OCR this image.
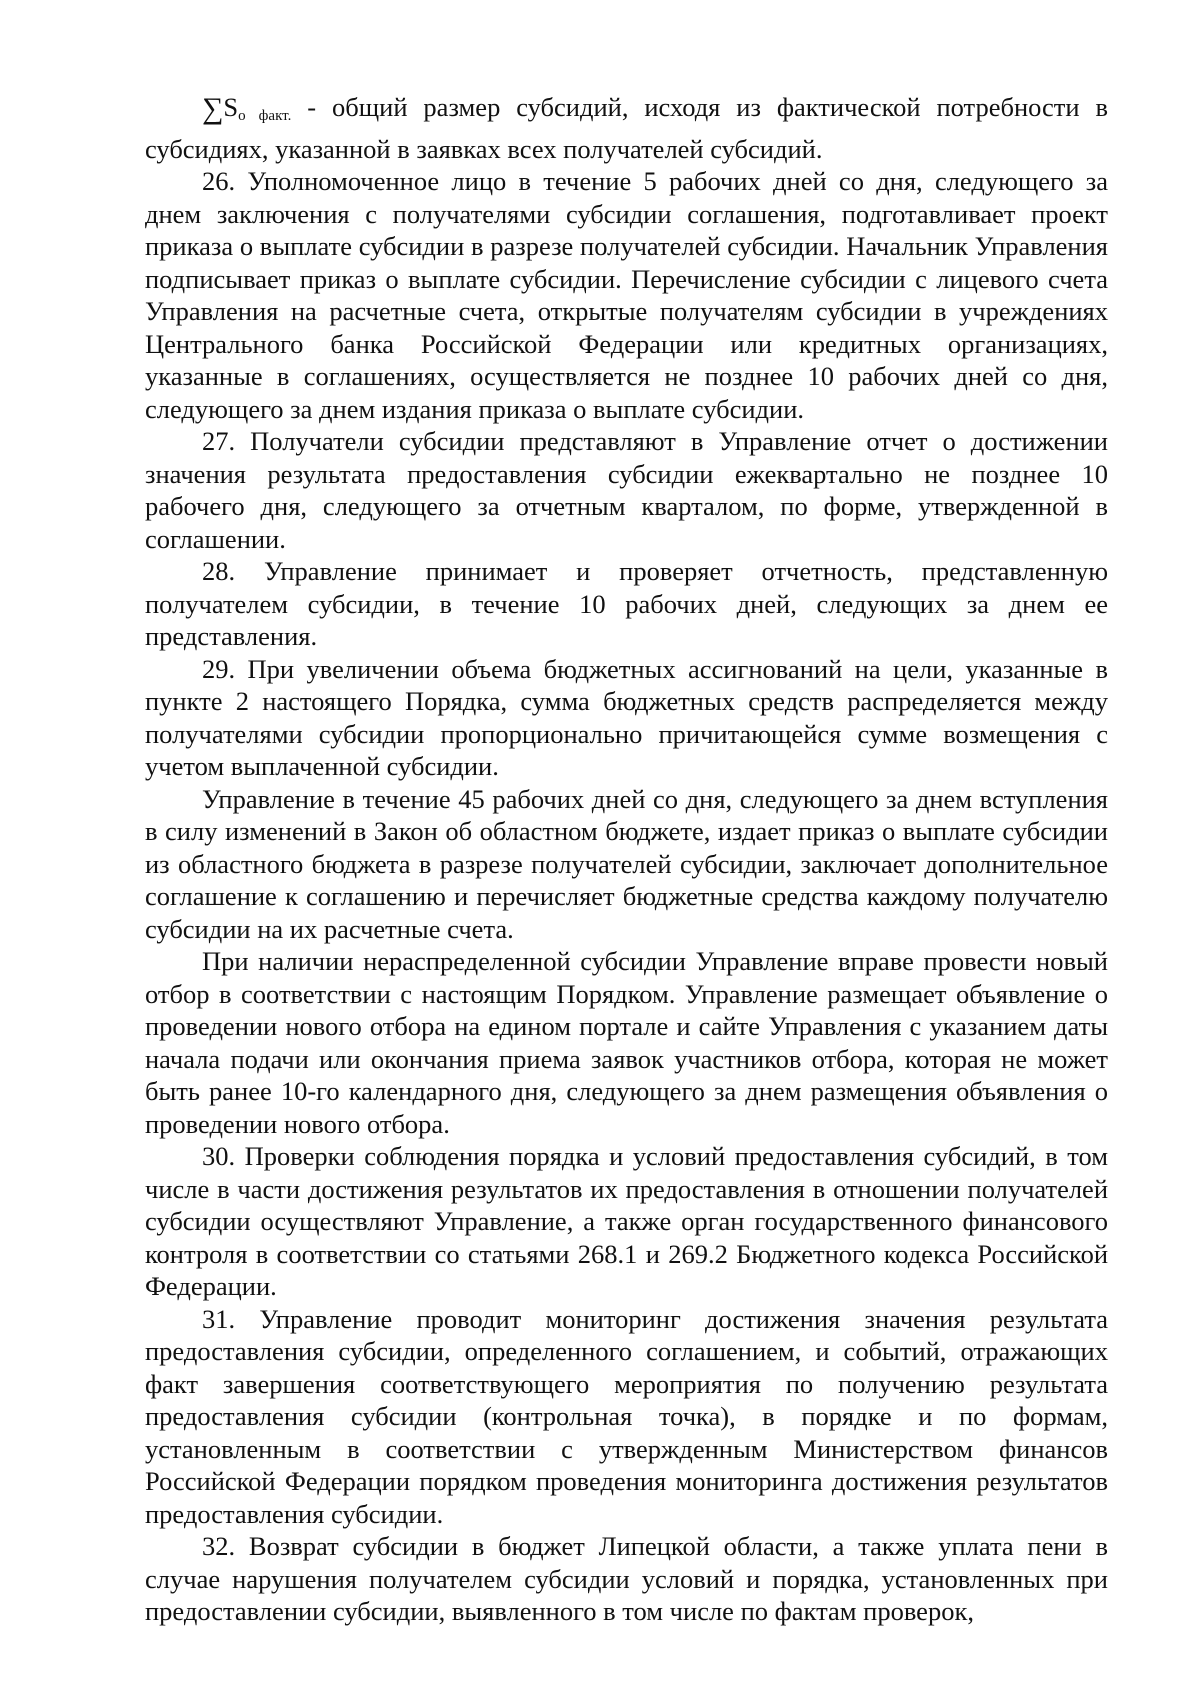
∑Sо факт. - общий размер субсидий, исходя из фактической потребности в субсидиях, указанной в заявках всех получателей субсидий.

26. Уполномоченное лицо в течение 5 рабочих дней со дня, следующего за днем заключения с получателями субсидии соглашения, подготавливает проект приказа о выплате субсидии в разрезе получателей субсидии. Начальник Управления подписывает приказ о выплате субсидии. Перечисление субсидии с лицевого счета Управления на расчетные счета, открытые получателям субсидии в учреждениях Центрального банка Российской Федерации или кредитных организациях, указанные в соглашениях, осуществляется не позднее 10 рабочих дней со дня, следующего за днем издания приказа о выплате субсидии.

27. Получатели субсидии представляют в Управление отчет о достижении значения результата предоставления субсидии ежеквартально не позднее 10 рабочего дня, следующего за отчетным кварталом, по форме, утвержденной в соглашении.

28. Управление принимает и проверяет отчетность, представленную получателем субсидии, в течение 10 рабочих дней, следующих за днем ее представления.

29. При увеличении объема бюджетных ассигнований на цели, указанные в пункте 2 настоящего Порядка, сумма бюджетных средств распределяется между получателями субсидии пропорционально причитающейся сумме возмещения с учетом выплаченной субсидии.

Управление в течение 45 рабочих дней со дня, следующего за днем вступления в силу изменений в Закон об областном бюджете, издает приказ о выплате субсидии из областного бюджета в разрезе получателей субсидии, заключает дополнительное соглашение к соглашению и перечисляет бюджетные средства каждому получателю субсидии на их расчетные счета.

При наличии нераспределенной субсидии Управление вправе провести новый отбор в соответствии с настоящим Порядком. Управление размещает объявление о проведении нового отбора на едином портале и сайте Управления с указанием даты начала подачи или окончания приема заявок участников отбора, которая не может быть ранее 10-го календарного дня, следующего за днем размещения объявления о проведении нового отбора.

30. Проверки соблюдения порядка и условий предоставления субсидий, в том числе в части достижения результатов их предоставления в отношении получателей субсидии осуществляют Управление, а также орган государственного финансового контроля в соответствии со статьями 268.1 и 269.2 Бюджетного кодекса Российской Федерации.

31. Управление проводит мониторинг достижения значения результата предоставления субсидии, определенного соглашением, и событий, отражающих факт завершения соответствующего мероприятия по получению результата предоставления субсидии (контрольная точка), в порядке и по формам, установленным в соответствии с утвержденным Министерством финансов Российской Федерации порядком проведения мониторинга достижения результатов предоставления субсидии.

32. Возврат субсидии в бюджет Липецкой области, а также уплата пени в случае нарушения получателем субсидии условий и порядка, установленных при предоставлении субсидии, выявленного в том числе по фактам проверок,
